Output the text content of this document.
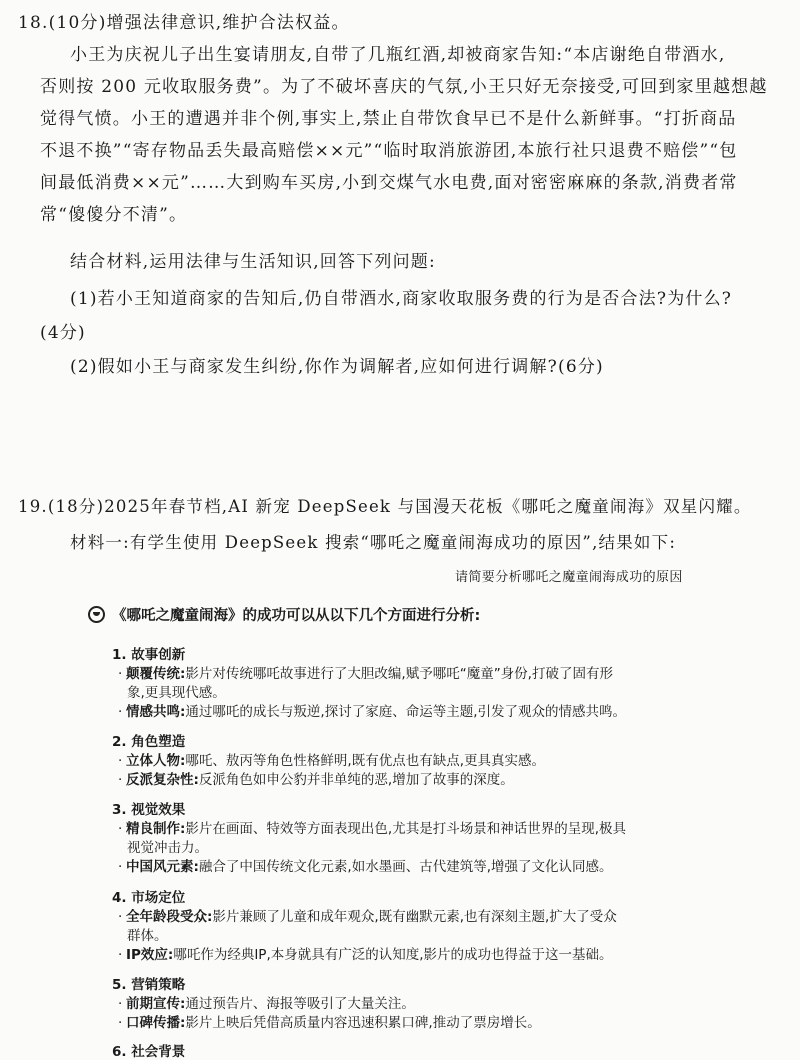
18.(10分)增强法律意识,维护合法权益。
小王为庆祝儿子出生宴请朋友,自带了几瓶红酒,却被商家告知:“本店谢绝自带酒水,
否则按 200 元收取服务费”。为了不破坏喜庆的气氛,小王只好无奈接受,可回到家里越想越
觉得气愤。小王的遭遇并非个例,事实上,禁止自带饮食早已不是什么新鲜事。“打折商品
不退不换”“寄存物品丢失最高赔偿××元”“临时取消旅游团,本旅行社只退费不赔偿”“包
间最低消费××元”……大到购车买房,小到交煤气水电费,面对密密麻麻的条款,消费者常
常“傻傻分不清”。
结合材料,运用法律与生活知识,回答下列问题:
(1)若小王知道商家的告知后,仍自带酒水,商家收取服务费的行为是否合法?为什么?
(4分)
(2)假如小王与商家发生纠纷,你作为调解者,应如何进行调解?(6分)
19.(18分)2025年春节档,AI 新宠 DeepSeek 与国漫天花板《哪吒之魔童闹海》双星闪耀。
材料一:有学生使用 DeepSeek 搜索“哪吒之魔童闹海成功的原因”,结果如下:
请简要分析哪吒之魔童闹海成功的原因
《哪吒之魔童闹海》的成功可以从以下几个方面进行分析:
1. 故事创新
· 颠覆传统:影片对传统哪吒故事进行了大胆改编,赋予哪吒“魔童”身份,打破了固有形
象,更具现代感。
· 情感共鸣:通过哪吒的成长与叛逆,探讨了家庭、命运等主题,引发了观众的情感共鸣。
2. 角色塑造
· 立体人物:哪吒、敖丙等角色性格鲜明,既有优点也有缺点,更具真实感。
· 反派复杂性:反派角色如申公豹并非单纯的恶,增加了故事的深度。
3. 视觉效果
· 精良制作:影片在画面、特效等方面表现出色,尤其是打斗场景和神话世界的呈现,极具
视觉冲击力。
· 中国风元素:融合了中国传统文化元素,如水墨画、古代建筑等,增强了文化认同感。
4. 市场定位
· 全年龄段受众:影片兼顾了儿童和成年观众,既有幽默元素,也有深刻主题,扩大了受众
群体。
· IP效应:哪吒作为经典IP,本身就具有广泛的认知度,影片的成功也得益于这一基础。
5. 营销策略
· 前期宣传:通过预告片、海报等吸引了大量关注。
· 口碑传播:影片上映后凭借高质量内容迅速积累口碑,推动了票房增长。
6. 社会背景
